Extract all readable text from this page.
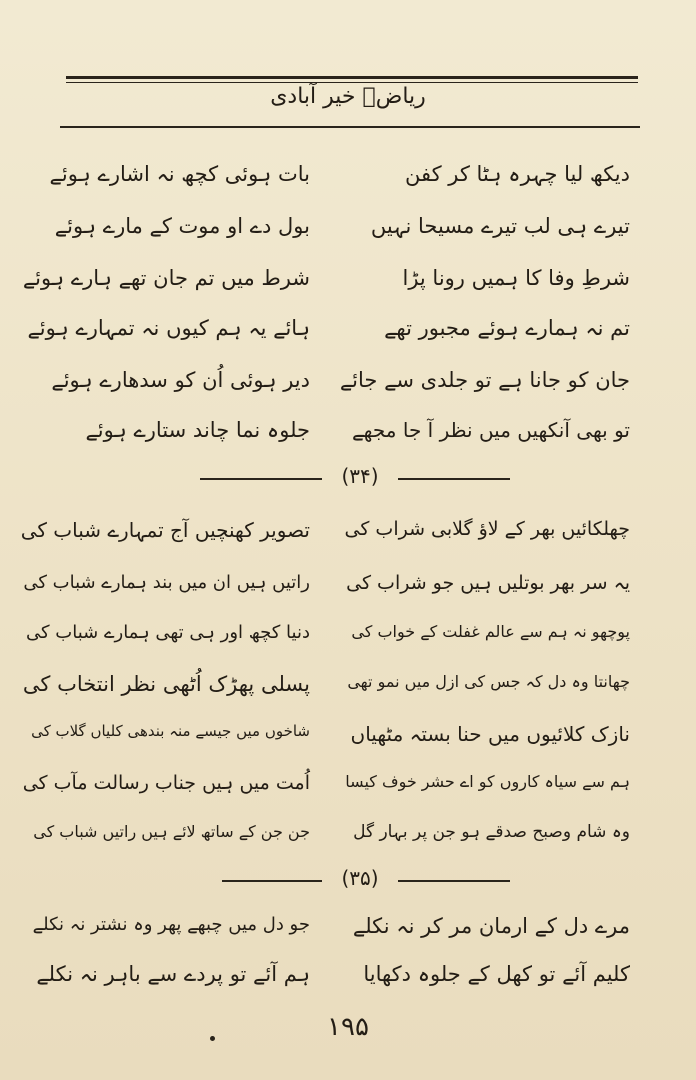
ریاضؔ خیر آبادی
دیکھ لیا چہرہ ہٹا کر کفن
بات ہوئی کچھ نہ اشارے ہوئے
تیرے ہی لب تیرے مسیحا نہیں
بول دے او موت کے مارے ہوئے
شرطِ وفا کا ہمیں رونا پڑا
شرط میں تم جان تھے ہارے ہوئے
تم نہ ہمارے ہوئے مجبور تھے
ہائے یہ ہم کیوں نہ تمہارے ہوئے
جان کو جانا ہے تو جلدی سے جائے
دیر ہوئی اُن کو سدھارے ہوئے
تو بھی آنکھیں میں نظر آ جا مجھے
جلوہ نما چاند ستارے ہوئے
(۳۴)
چھلکائیں بھر کے لاؤ گلابی شراب کی
تصویر کھنچیں آج تمہارے شباب کی
یہ سر بھر بوتلیں ہیں جو شراب کی
راتیں ہیں ان میں بند ہمارے شباب کی
پوچھو نہ ہم سے عالم غفلت کے خواب کی
دنیا کچھ اور ہی تھی ہمارے شباب کی
چھانتا وہ دل کہ جس کی ازل میں نمو تھی
پسلی پھڑک اُٹھی نظر انتخاب کی
نازک کلائیوں میں حنا بستہ مٹھیاں
شاخوں میں جیسے منہ بندھی کلیاں گلاب کی
ہم سے سیاہ کاروں کو اے حشر خوف کیسا
اُمت میں ہیں جناب رسالت مآب کی
وہ شام وصبح صدقے ہو جن پر بہار گل
جن جن کے ساتھ لائے ہیں راتیں شباب کی
(۳۵)
مرے دل کے ارمان مر کر نہ نکلے
جو دل میں چبھے پھر وہ نشتر نہ نکلے
کلیم آئے تو کھل کے جلوہ دکھایا
ہم آئے تو پردے سے باہر نہ نکلے
۱۹۵
